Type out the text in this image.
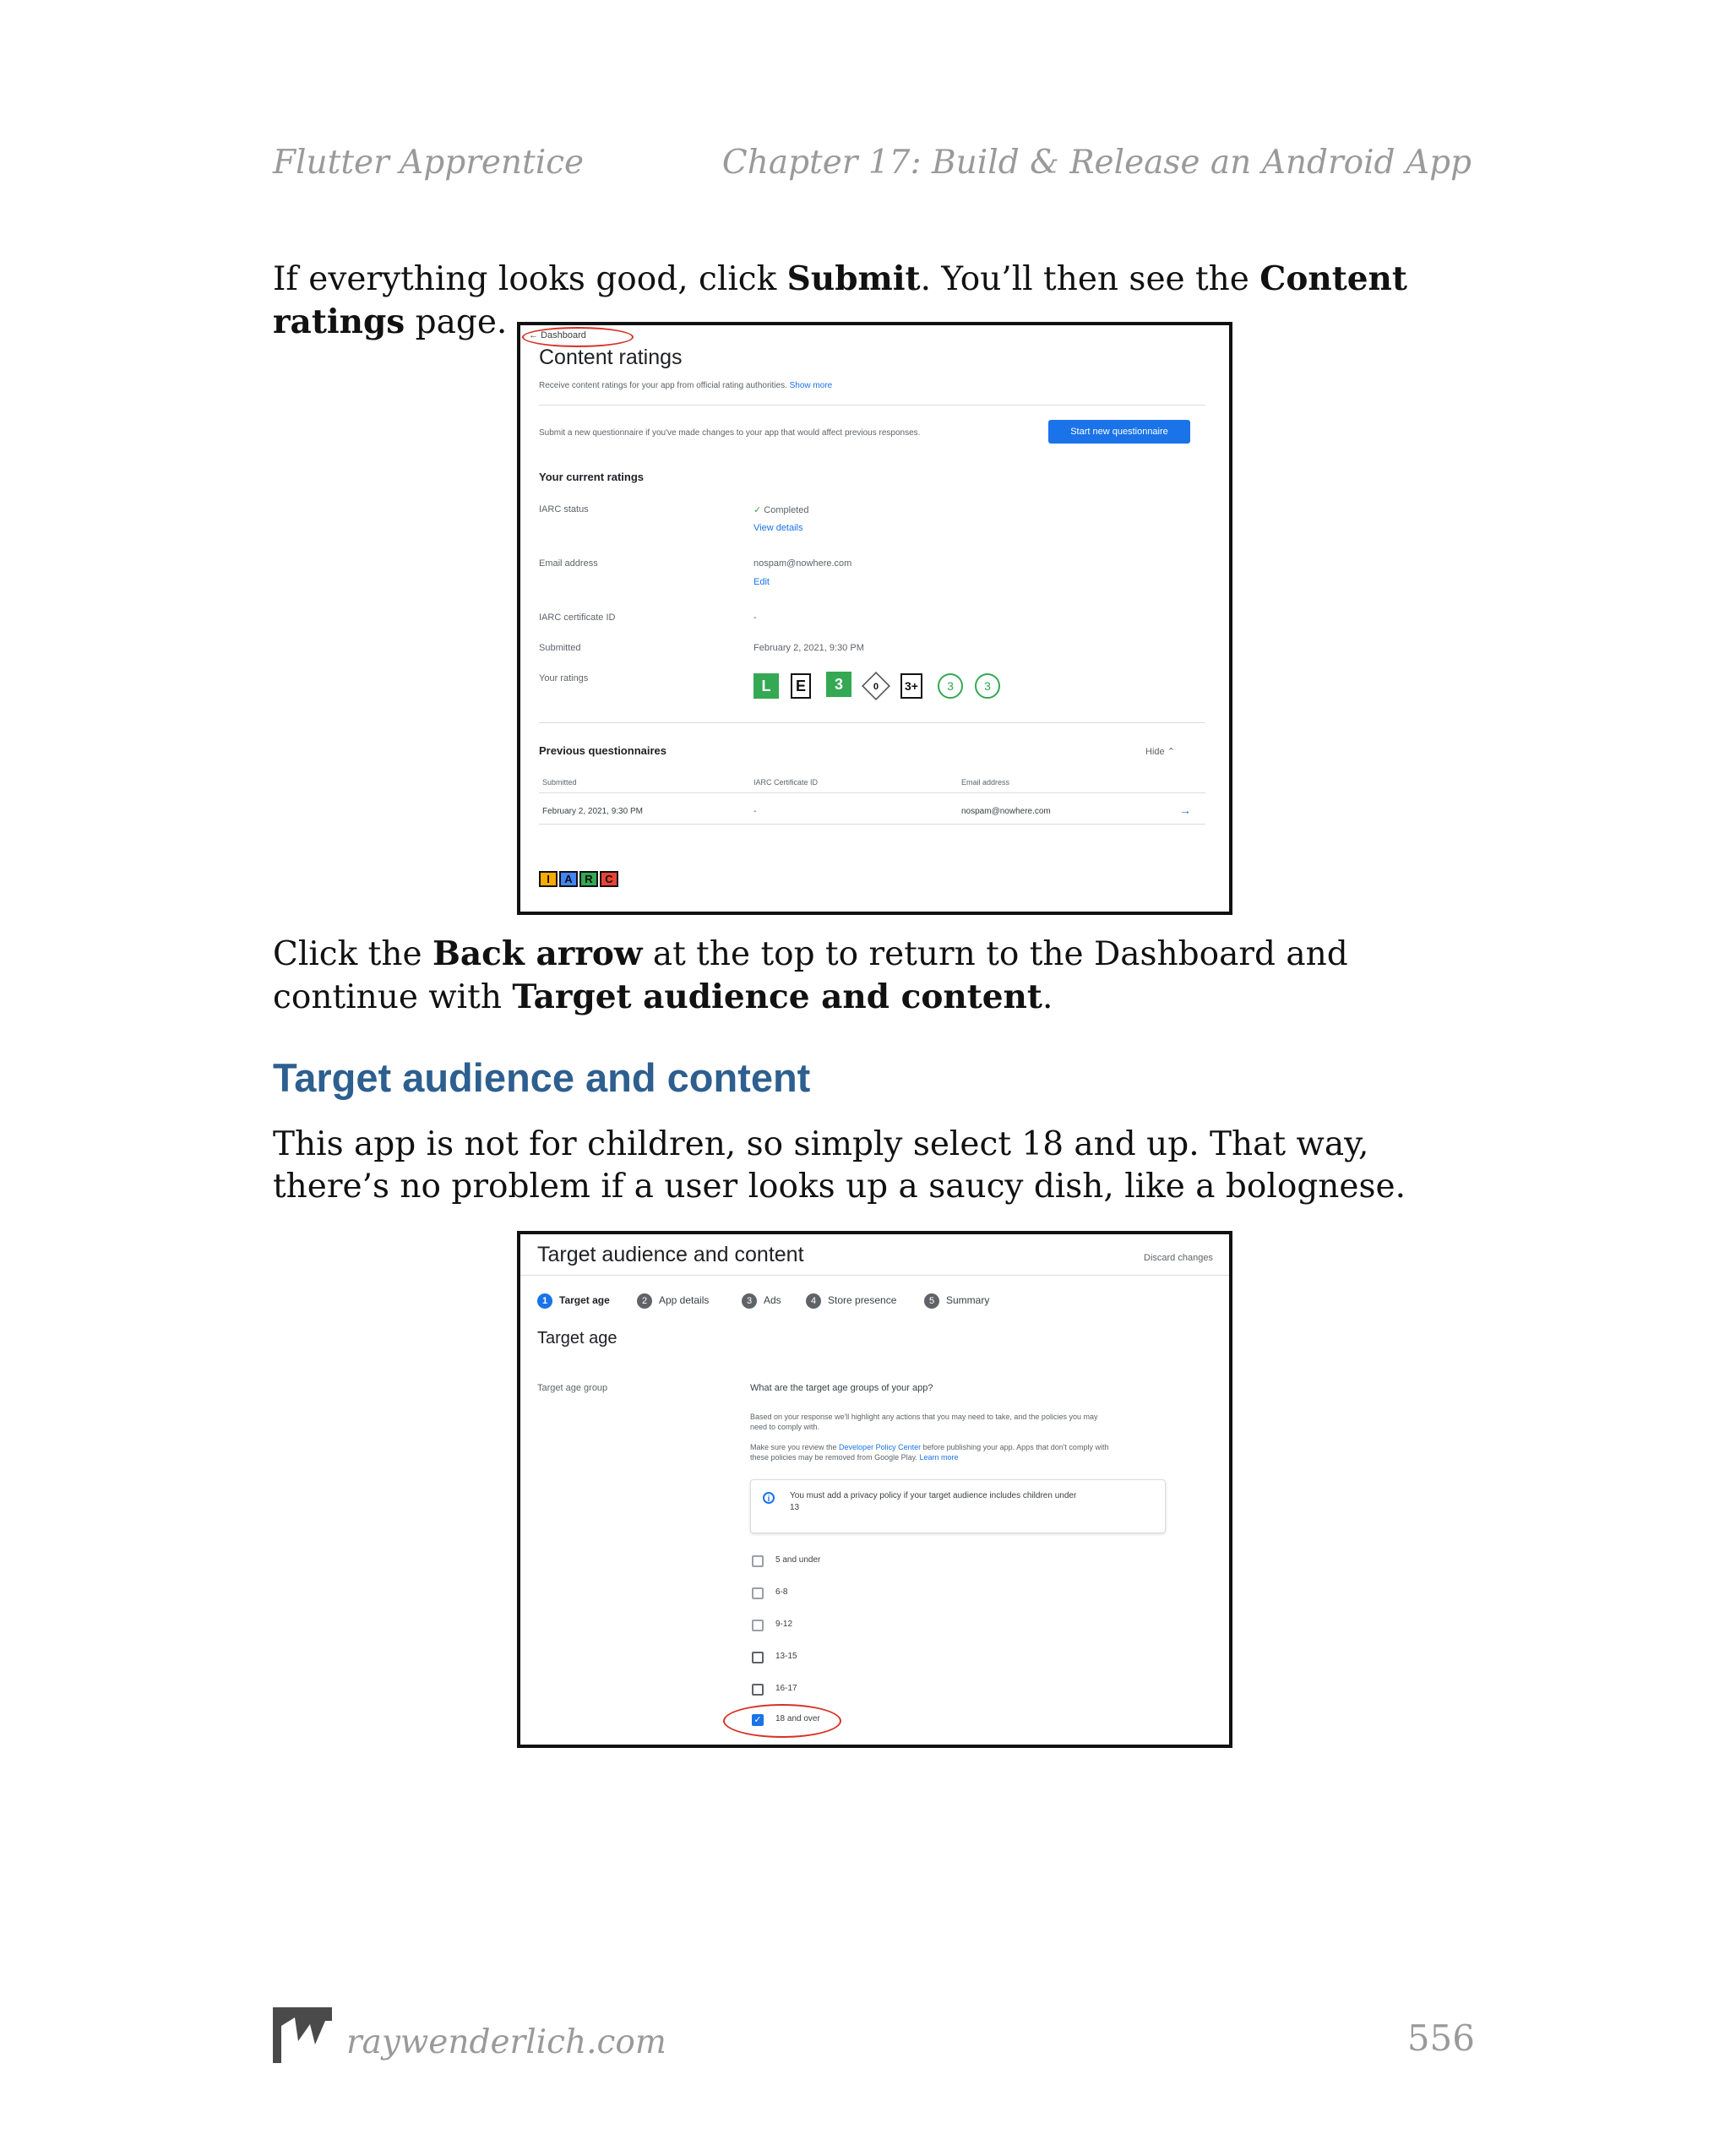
Flutter Apprentice	Chapter 17: Build & Release an Android App
If everything looks good, click Submit. You’ll then see the Content ratings page.	← Dashboard
Content ratings
Receive content ratings for your app from official rating authorities. Show more
Submit a new questionnaire if you've made changes to your app that would affect previous responses.	Start new questionnaire
Your current ratings
IARC status	✓ Completed
View details
Email address	nospam@nowhere.com
Edit
IARC certificate ID	-
Submitted	February 2, 2021, 9:30 PM
Your ratings	L	E	3	0	3+	3	3
Previous questionnaires	Hide ⌃
Submitted	IARC Certificate ID	Email address
February 2, 2021, 9:30 PM	-	nospam@nowhere.com	→
I	A	R	C
Click the Back arrow at the top to return to the Dashboard and continue with Target audience and content.
Target audience and content
This app is not for children, so simply select 18 and up. That way, there’s no problem if a user looks up a saucy dish, like a bolognese.
Target audience and content	Discard changes
1 Target age	2 App details	3 Ads	4 Store presence	5 Summary
Target age
Target age group	What are the target age groups of your app?
Based on your response we'll highlight any actions that you may need to take, and the policies you may
need to comply with.
Make sure you review the Developer Policy Center before publishing your app. Apps that don't comply with
these policies may be removed from Google Play. Learn more
i	You must add a privacy policy if your target audience includes children under
13
5 and under
6-8
9-12
13-15
16-17
✓ 18 and over
raywenderlich.com	556
